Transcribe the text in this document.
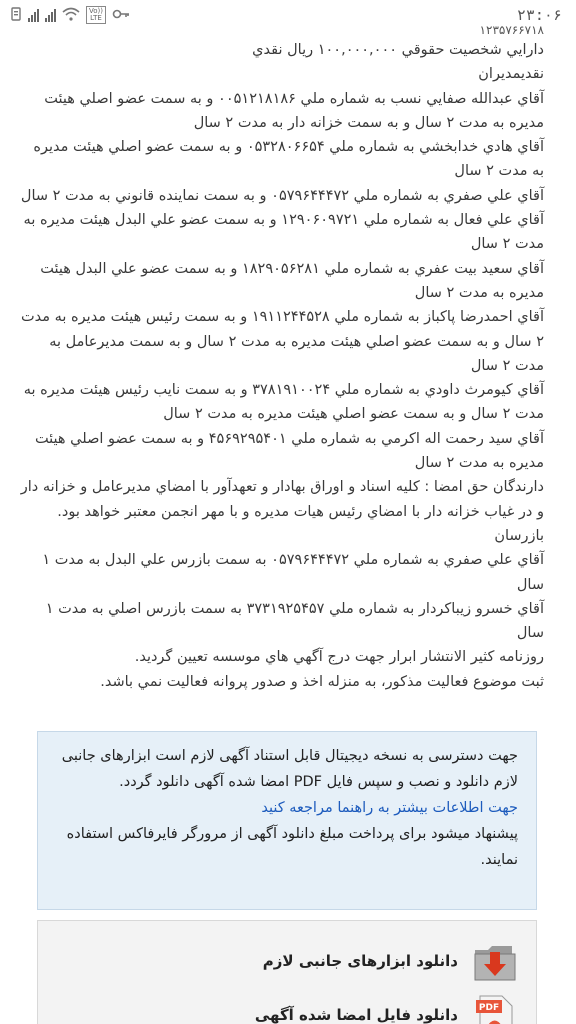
Vo))
LTE	۲۳:۰۶

۱۲۳۵۷۶۶۷۱۸

دارايي شخصيت حقوقي ۱۰۰,۰۰۰,۰۰۰ ريال نقدي

نقديمديران

آقاي عبدالله صفايي نسب به شماره ملي ۰۰۵۱۲۱۸۱۸۶ و به سمت عضو اصلي هيئت مديره به مدت ۲ سال و به سمت خزانه دار به مدت ۲ سال

آقاي هادي خدابخشي به شماره ملي ۰۵۳۲۸۰۶۶۵۴ و به سمت عضو اصلي هيئت مديره به مدت ۲ سال

آقاي علي صفري به شماره ملي ۰۵۷۹۶۴۴۴۷۲ و به سمت نماينده قانوني به مدت ۲ سال

آقاي علي فعال به شماره ملي ۱۲۹۰۶۰۹۷۲۱ و به سمت عضو علي البدل هيئت مديره به مدت ۲ سال

آقاي سعيد بيت عفري به شماره ملي ۱۸۲۹۰۵۶۲۸۱ و به سمت عضو علي البدل هيئت مديره به مدت ۲ سال

آقاي احمدرضا پاكباز به شماره ملي ۱۹۱۱۲۴۴۵۲۸ و به سمت رئيس هيئت مديره به مدت ۲ سال و به سمت عضو اصلي هيئت مديره به مدت ۲ سال و به سمت مديرعامل به مدت ۲ سال

آقاي كيومرث داودي به شماره ملي ۳۷۸۱۹۱۰۰۲۴ و به سمت نايب رئيس هيئت مديره به مدت ۲ سال و به سمت عضو اصلي هيئت مديره به مدت ۲ سال

آقاي سيد رحمت اله اكرمي به شماره ملي ۴۵۶۹۲۹۵۴۰۱ و به سمت عضو اصلي هيئت مديره به مدت ۲ سال

دارندگان حق امضا : كليه اسناد و اوراق بهادار و تعهدآور با امضاي مديرعامل و خزانه دار و در غياب خزانه دار با امضاي رئيس هيات مديره و با مهر انجمن معتبر خواهد بود.

بازرسان

آقاي علي صفري به شماره ملي ۰۵۷۹۶۴۴۴۷۲ به سمت بازرس علي البدل به مدت ۱ سال

آقاي خسرو زيباكردار به شماره ملي ۳۷۳۱۹۲۵۴۵۷ به سمت بازرس اصلي به مدت ۱ سال

روزنامه كثير الانتشار ابرار جهت درج آگهي هاي موسسه تعيين گرديد.

ثبت موضوع فعاليت مذكور، به منزله اخذ و صدور پروانه فعاليت نمي باشد.

جهت دسترسی به نسخه دیجیتال قابل استناد آگهی لازم است ابزارهای جانبی لازم دانلود و نصب و سپس فایل PDF امضا شده آگهی دانلود گردد.

جهت اطلاعات بیشتر به راهنما مراجعه کنید

پیشنهاد میشود برای پرداخت مبلغ دانلود آگهی از مرورگر فایرفاکس استفاده نمایند.

دانلود ابزارهای جانبی لازم
PDF
دانلود فایل امضا شده آگهی
